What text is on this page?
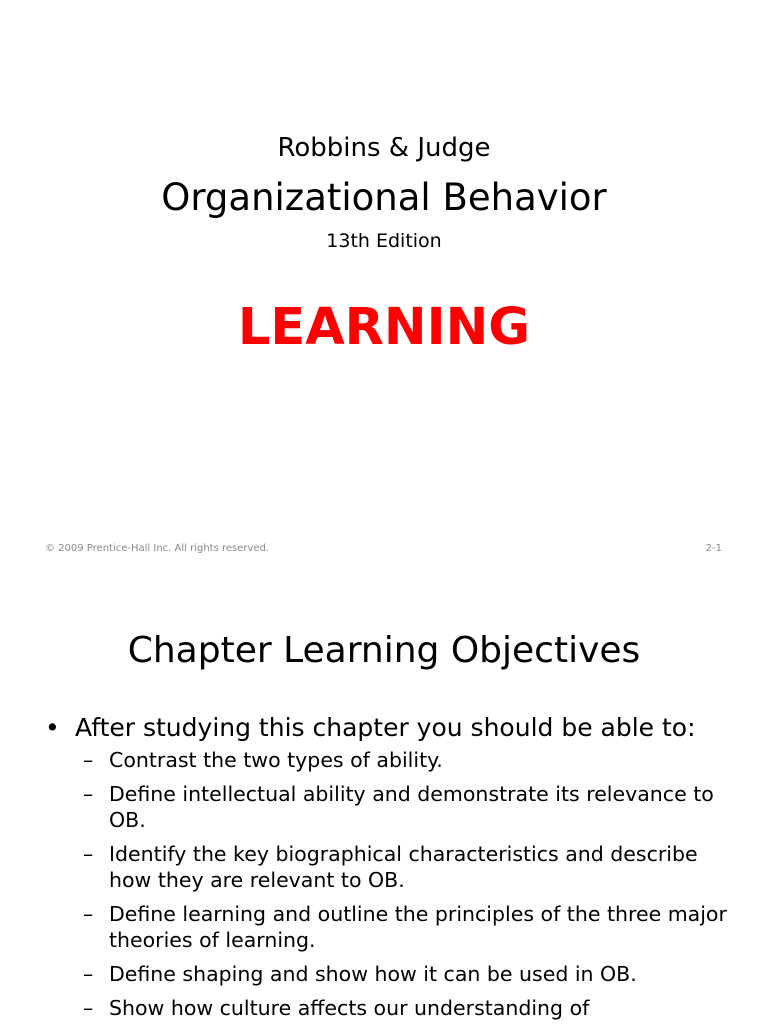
Robbins & Judge
Organizational Behavior
13th Edition
LEARNING
© 2009 Prentice-Hall Inc. All rights reserved.	2-1
Chapter Learning Objectives
• After studying this chapter you should be able to:
– Contrast the two types of ability.
– Define intellectual ability and demonstrate its relevance to OB.
– Identify the key biographical characteristics and describe how they are relevant to OB.
– Define learning and outline the principles of the three major theories of learning.
– Define shaping and show how it can be used in OB.
– Show how culture affects our understanding of
